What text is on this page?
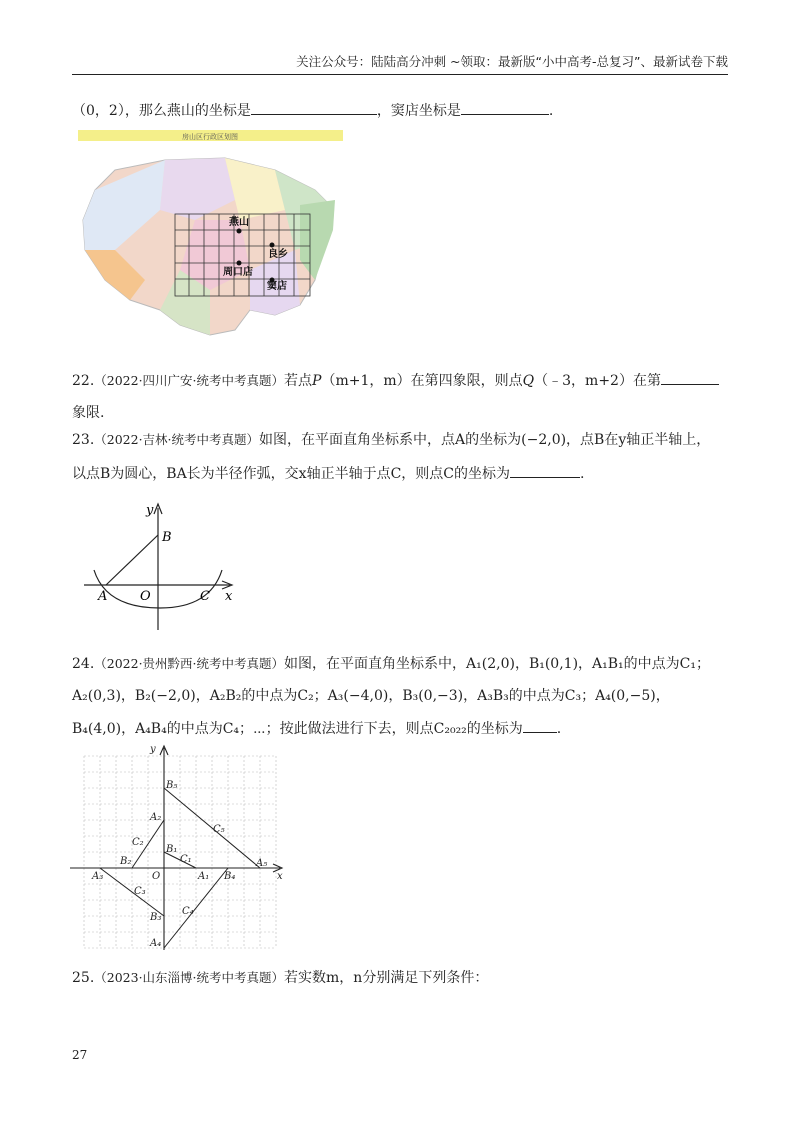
关注公众号：陆陆高分冲刺 ~领取：最新版“小中高考-总复习”、最新试卷下载
（0，2），那么燕山的坐标是	，窦店坐标是	.
房山区行政区划图
燕山
良乡
周口店
窦店
22.（2022·四川广安·统考中考真题）若点P（m+1，m）在第四象限，则点Q（﹣3，m+2）在第
象限.
23.（2022·吉林·统考中考真题）如图，在平面直角坐标系中，点A的坐标为(−2,0)，点B在y轴正半轴上，
以点B为圆心，BA长为半径作弧，交x轴正半轴于点C，则点C的坐标为	.
y
B
A	O	C x
24.（2022·贵州黔西·统考中考真题）如图，在平面直角坐标系中，A₁(2,0)，B₁(0,1)，A₁B₁的中点为C₁；
A₂(0,3)，B₂(−2,0)，A₂B₂的中点为C₂；A₃(−4,0)，B₃(0,−3)，A₃B₃的中点为C₃；A₄(0,−5)，
B₄(4,0)，A₄B₄的中点为C₄；⋯；按此做法进行下去，则点C₂₀₂₂的坐标为 .
y
x
O	A₁
B₁
C₁
A₂
B₂
C₂
A₃
B₃
C₃
A₄
B₄
C₄
A₅
B₅
C₅
25.（2023·山东淄博·统考中考真题）若实数m，n分别满足下列条件：
27
